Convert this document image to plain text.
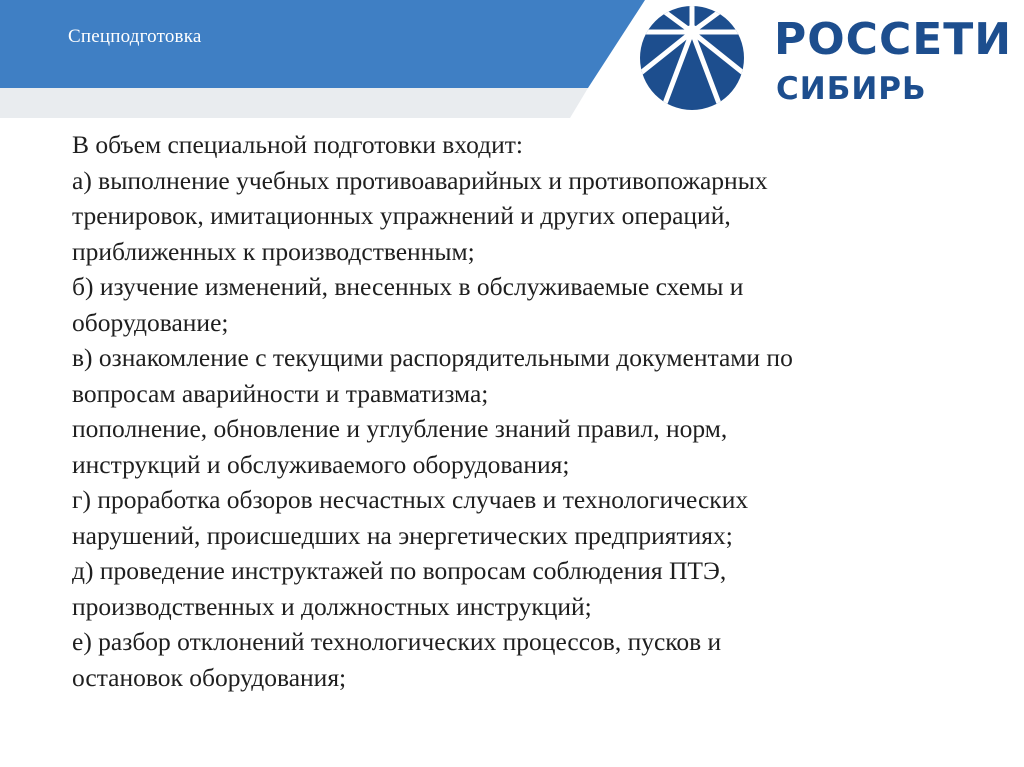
Спецподготовка	РОССЕТИ
СИБИРЬ
В объем специальной подготовки входит:
а) выполнение учебных противоаварийных и противопожарных
тренировок, имитационных упражнений и других операций,
приближенных к производственным;
б) изучение изменений, внесенных в обслуживаемые схемы и
оборудование;
в) ознакомление с текущими распорядительными документами по
вопросам аварийности и травматизма;
пополнение, обновление и углубление знаний правил, норм,
инструкций и обслуживаемого оборудования;
г) проработка обзоров несчастных случаев и технологических
нарушений, происшедших на энергетических предприятиях;
д) проведение инструктажей по вопросам соблюдения ПТЭ,
производственных и должностных инструкций;
е) разбор отклонений технологических процессов, пусков и
остановок оборудования;
